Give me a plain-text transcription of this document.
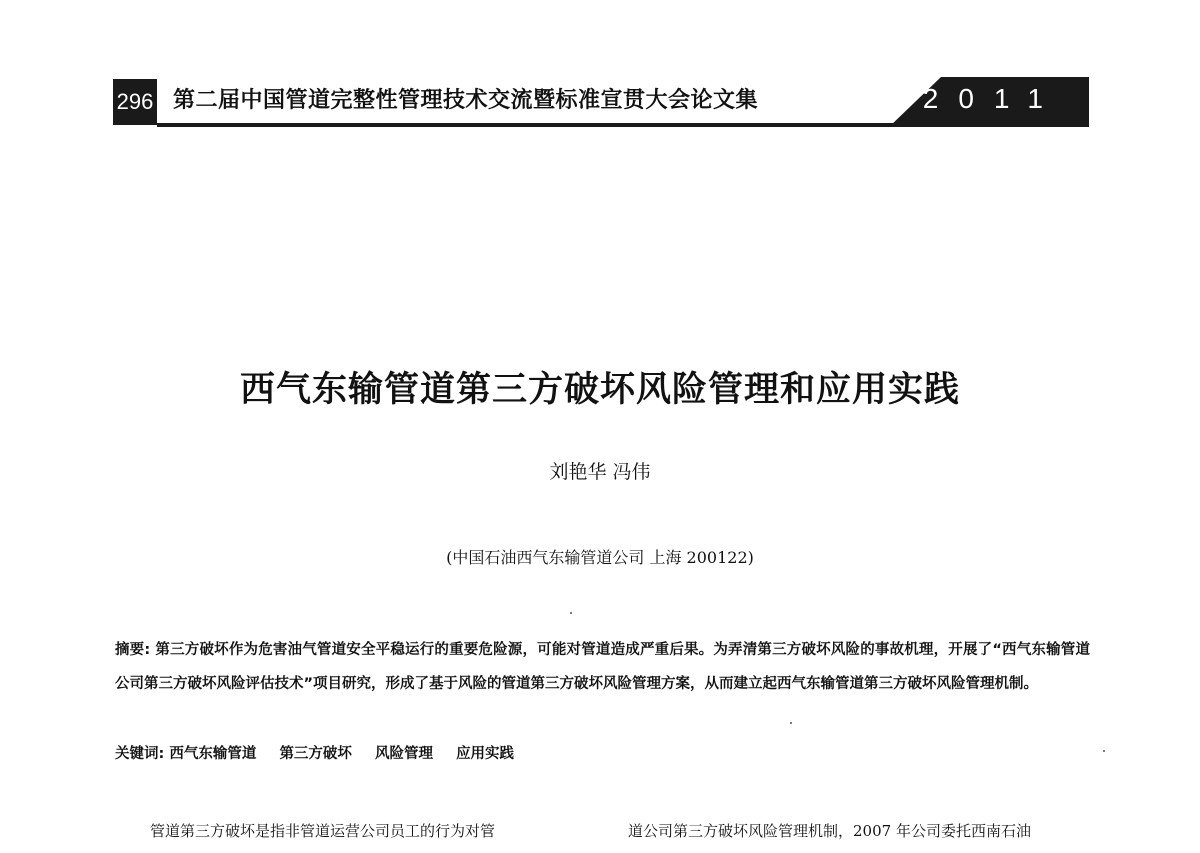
296 第二届中国管道完整性管理技术交流暨标准宣贯大会论文集	2011
西气东输管道第三方破坏风险管理和应用实践
刘艳华 冯伟
(中国石油西气东输管道公司 上海 200122)
摘要: 第三方破坏作为危害油气管道安全平稳运行的重要危险源，可能对管道造成严重后果。为弄清第三方破坏风险的事故机理，开展了“西气东输管道公司第三方破坏风险评估技术”项目研究，形成了基于风险的管道第三方破坏风险管理方案，从而建立起西气东输管道第三方破坏风险管理机制。
关键词: 西气东输管道 第三方破坏 风险管理 应用实践
管道第三方破坏是指非管道运营公司员工的行为对管	道公司第三方破坏风险管理机制，2007 年公司委托西南石油
